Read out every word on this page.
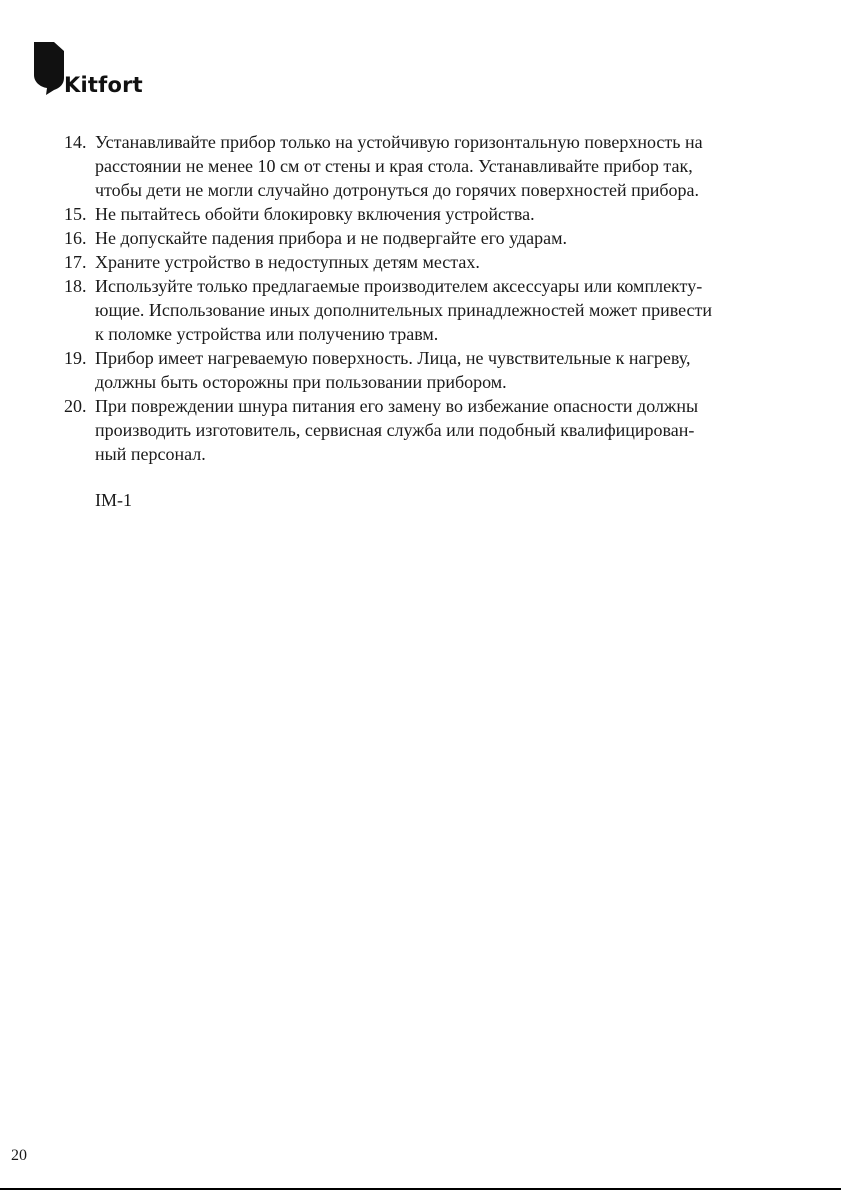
Kitfort
14. Устанавливайте прибор только на устойчивую горизонтальную поверхность на
расстоянии не менее 10 см от стены и края стола. Устанавливайте прибор так,
чтобы дети не могли случайно дотронуться до горячих поверхностей прибора.
15. Не пытайтесь обойти блокировку включения устройства.
16. Не допускайте падения прибора и не подвергайте его ударам.
17. Храните устройство в недоступных детям местах.
18. Используйте только предлагаемые производителем аксессуары или комплекту-
ющие. Использование иных дополнительных принадлежностей может привести
к поломке устройства или получению травм.
19. Прибор имеет нагреваемую поверхность. Лица, не чувствительные к нагреву,
должны быть осторожны при пользовании прибором.
20. При повреждении шнура питания его замену во избежание опасности должны
производить изготовитель, сервисная служба или подобный квалифицирован-
ный персонал.
IM-1
20
